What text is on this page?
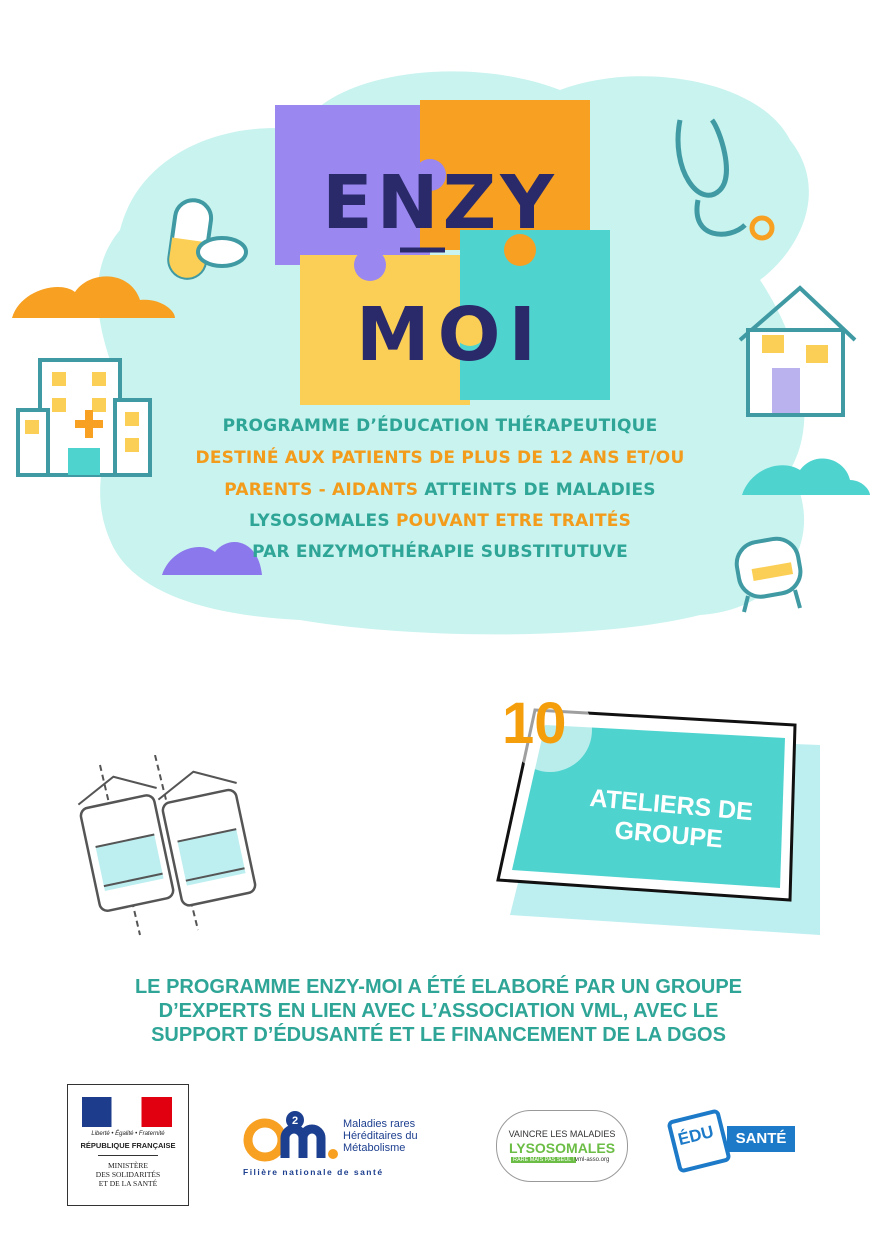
ENZY
MOI
PROGRAMME D’ÉDUCATION THÉRAPEUTIQUE
DESTINÉ AUX PATIENTS DE PLUS DE 12 ANS ET/OU
PARENTS - AIDANTS ATTEINTS DE MALADIES
LYSOSOMALES POUVANT ETRE TRAITÉS
PAR ENZYMOTHÉRAPIE SUBSTITUTUVE
10
ATELIERS DE
GROUPE
LE PROGRAMME ENZY-MOI A ÉTÉ ELABORÉ PAR UN GROUPE
D’EXPERTS EN LIEN AVEC L’ASSOCIATION VML, AVEC LE
SUPPORT D’ÉDUSANTÉ ET LE FINANCEMENT DE LA DGOS
Liberté • Égalité • Fraternité
RÉPUBLIQUE FRANÇAISE
MINISTÈRE
DES SOLIDARITÉS
ET DE LA SANTÉ
2	Maladies rares
Héréditaires du
Métabolisme
Filière nationale de santé
VAINCRE LES MALADIES
LYSOSOMALES
RARE MAIS PAS SEUL ! vml-asso.org
ÉDU	SANTÉ
